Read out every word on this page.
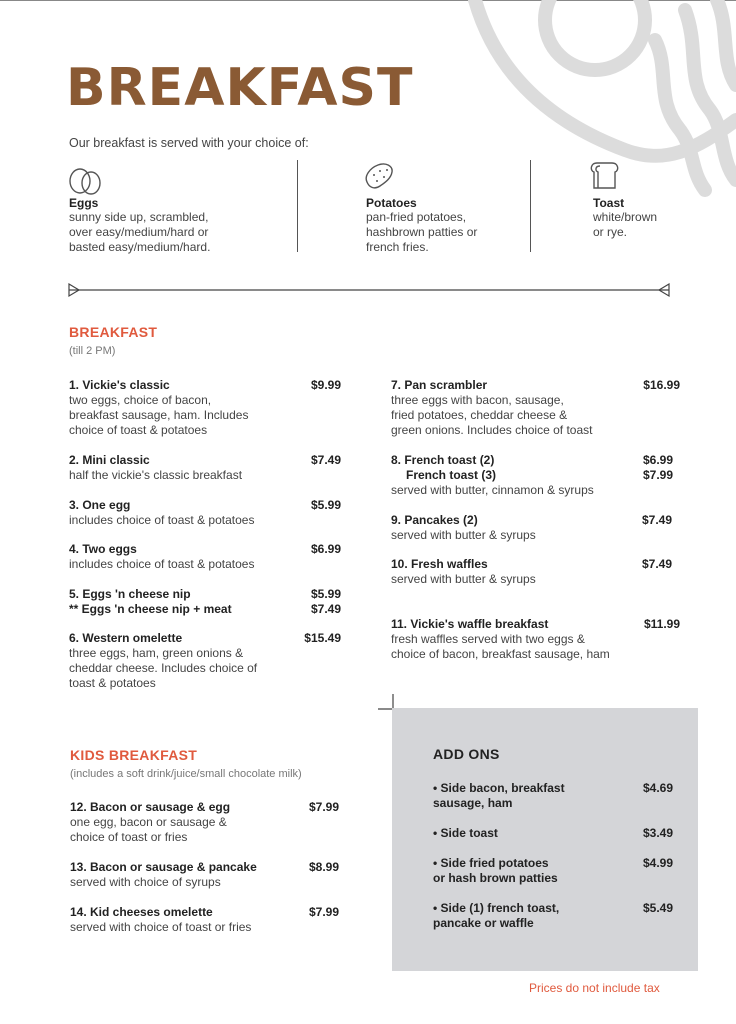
BREAKFAST
Our breakfast is served with your choice of:
Eggs
sunny side up, scrambled,
over easy/medium/hard or
basted easy/medium/hard.
Potatoes
pan-fried potatoes,
hashbrown patties or
french fries.
Toast
white/brown
or rye.
BREAKFAST
(till 2 PM)
1. Vickie's classic
two eggs, choice of bacon,
breakfast sausage, ham. Includes
choice of toast & potatoes
$9.99
2. Mini classic
half the vickie's classic breakfast
$7.49
3. One egg
includes choice of toast & potatoes
$5.99
4. Two eggs
includes choice of toast & potatoes
$6.99
5. Eggs 'n cheese nip
** Eggs 'n cheese nip + meat
$5.99
$7.49
6. Western omelette
three eggs, ham, green onions &
cheddar cheese. Includes choice of
toast & potatoes
$15.49
7. Pan scrambler
three eggs with bacon, sausage,
fried potatoes, cheddar cheese &
green onions. Includes choice of toast
$16.99
8. French toast (2)
French toast (3)
served with butter, cinnamon & syrups
$6.99
$7.99
9. Pancakes (2)
served with butter & syrups
$7.49
10. Fresh waffles
served with butter & syrups
$7.49
11. Vickie's waffle breakfast
fresh waffles served with two eggs &
choice of bacon, breakfast sausage, ham
$11.99
KIDS BREAKFAST
(includes a soft drink/juice/small chocolate milk)
12. Bacon or sausage & egg
one egg, bacon or sausage &
choice of toast or fries
$7.99
13. Bacon or sausage & pancake
served with choice of syrups
$8.99
14. Kid cheeses omelette
served with choice of toast or fries
$7.99
ADD ONS
• Side bacon, breakfast
sausage, ham
$4.69
• Side toast	$3.49
• Side fried potatoes
or hash brown patties
$4.99
• Side (1) french toast,
pancake or waffle
$5.49
Prices do not include tax
